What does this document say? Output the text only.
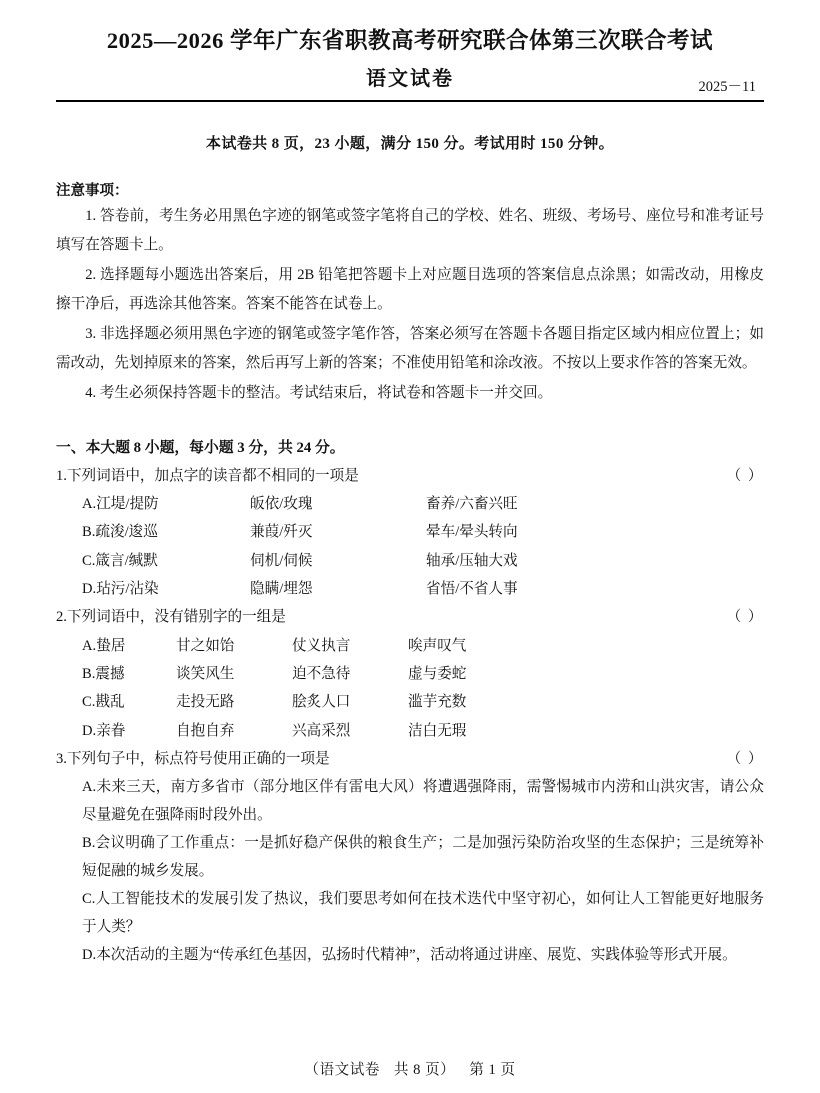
2025—2026 学年广东省职教高考研究联合体第三次联合考试
语文试卷	2025－11
本试卷共 8 页，23 小题，满分 150 分。考试用时 150 分钟。
注意事项：
1. 答卷前，考生务必用黑色字迹的钢笔或签字笔将自己的学校、姓名、班级、考场号、座位号和准考证号填写在答题卡上。
2. 选择题每小题选出答案后，用 2B 铅笔把答题卡上对应题目选项的答案信息点涂黑；如需改动，用橡皮擦干净后，再选涂其他答案。答案不能答在试卷上。
3. 非选择题必须用黑色字迹的钢笔或签字笔作答，答案必须写在答题卡各题目指定区域内相应位置上；如需改动，先划掉原来的答案，然后再写上新的答案；不准使用铅笔和涂改液。不按以上要求作答的答案无效。
4. 考生必须保持答题卡的整洁。考试结束后，将试卷和答题卡一并交回。
一、本大题 8 小题，每小题 3 分，共 24 分。
1.下列词语中，加点字的读音都不相同的一项是	（ ）
A.江堤/提防	皈依/玫瑰	畜养/六畜兴旺
B.疏浚/逡巡	兼葭/歼灭	晕车/晕头转向
C.箴言/缄默	伺机/伺候	轴承/压轴大戏
D.玷污/沾染	隐瞒/埋怨	省悟/不省人事
2.下列词语中，没有错别字的一组是	（ ）
A.蛰居	甘之如饴	仗义执言	唉声叹气
B.震撼	谈笑风生	迫不急待	虚与委蛇
C.戡乱	走投无路	脍炙人口	滥芋充数
D.亲眷	自抱自弃	兴高采烈	洁白无瑕
3.下列句子中，标点符号使用正确的一项是	（ ）
A.未来三天，南方多省市（部分地区伴有雷电大风）将遭遇强降雨，需警惕城市内涝和山洪灾害，请公众尽量避免在强降雨时段外出。
B.会议明确了工作重点：一是抓好稳产保供的粮食生产；二是加强污染防治攻坚的生态保护；三是统筹补短促融的城乡发展。
C.人工智能技术的发展引发了热议，我们要思考如何在技术迭代中坚守初心，如何让人工智能更好地服务于人类？
D.本次活动的主题为“传承红色基因，弘扬时代精神”，活动将通过讲座、展览、实践体验等形式开展。
（语文试卷 共 8 页） 第 1 页
